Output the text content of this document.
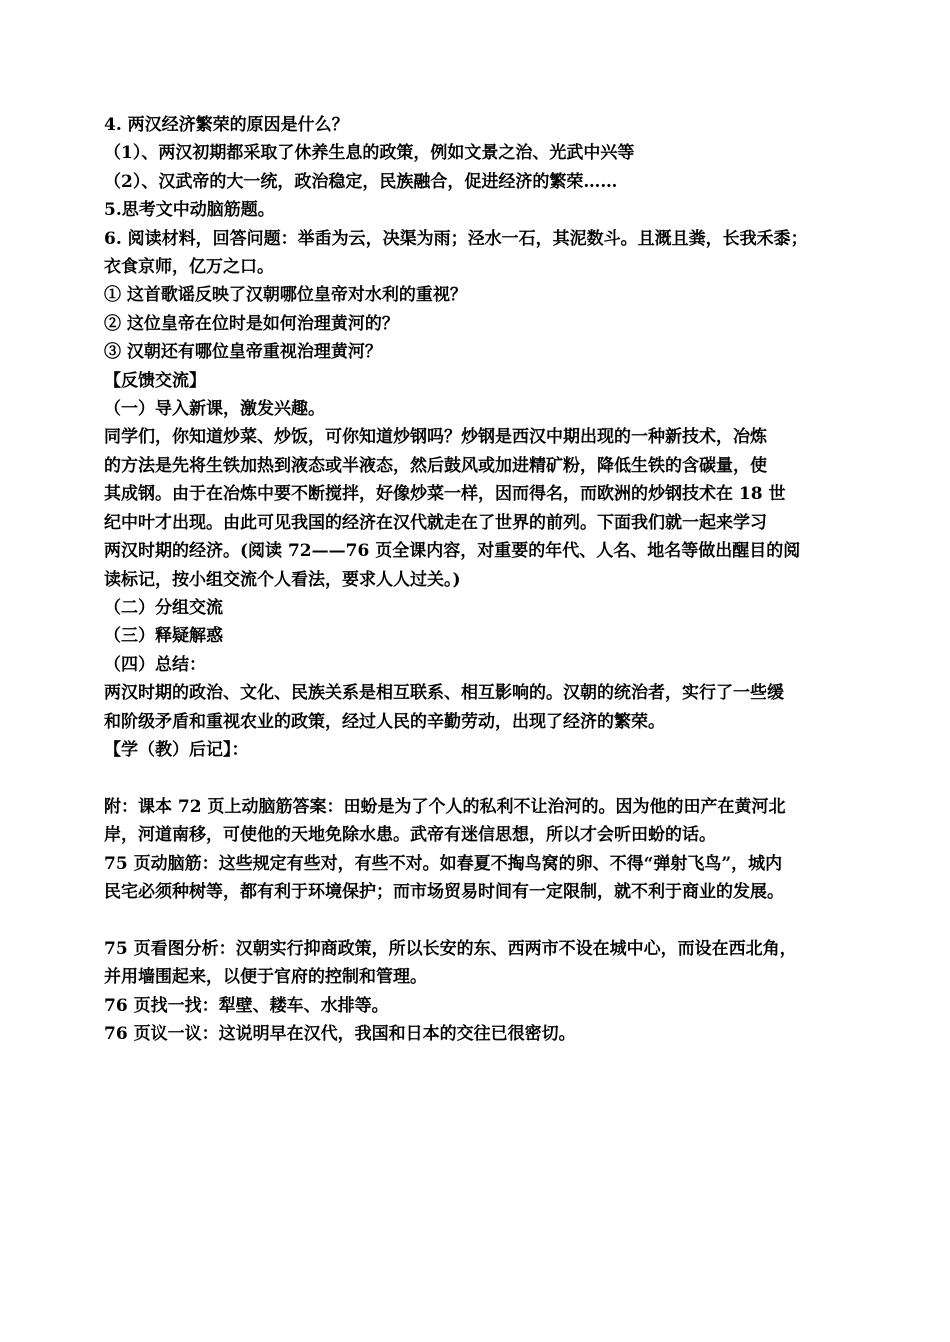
4. 两汉经济繁荣的原因是什么？
（1）、两汉初期都采取了休养生息的政策，例如文景之治、光武中兴等
（2）、汉武帝的大一统，政治稳定，民族融合，促进经济的繁荣……
5.思考文中动脑筋题。
6. 阅读材料，回答问题：举臿为云，决渠为雨；泾水一石，其泥数斗。且溉且粪，长我禾黍；
衣食京师，亿万之口。
① 这首歌谣反映了汉朝哪位皇帝对水利的重视？
② 这位皇帝在位时是如何治理黄河的？
③ 汉朝还有哪位皇帝重视治理黄河？
【反馈交流】
（一）导入新课，激发兴趣。
同学们，你知道炒菜、炒饭，可你知道炒钢吗？炒钢是西汉中期出现的一种新技术，冶炼
的方法是先将生铁加热到液态或半液态，然后鼓风或加进精矿粉，降低生铁的含碳量，使
其成钢。由于在冶炼中要不断搅拌，好像炒菜一样，因而得名，而欧洲的炒钢技术在 18 世
纪中叶才出现。由此可见我国的经济在汉代就走在了世界的前列。下面我们就一起来学习
两汉时期的经济。(阅读 72——76 页全课内容，对重要的年代、人名、地名等做出醒目的阅
读标记，按小组交流个人看法，要求人人过关。)
（二）分组交流
（三）释疑解惑
（四）总结：
两汉时期的政治、文化、民族关系是相互联系、相互影响的。汉朝的统治者，实行了一些缓
和阶级矛盾和重视农业的政策，经过人民的辛勤劳动，出现了经济的繁荣。
【学（教）后记】：
附：课本 72 页上动脑筋答案：田蚡是为了个人的私利不让治河的。因为他的田产在黄河北
岸，河道南移，可使他的天地免除水患。武帝有迷信思想，所以才会听田蚡的话。
75 页动脑筋：这些规定有些对，有些不对。如春夏不掏鸟窝的卵、不得“弹射飞鸟”，城内
民宅必须种树等，都有利于环境保护；而市场贸易时间有一定限制，就不利于商业的发展。
75 页看图分析：汉朝实行抑商政策，所以长安的东、西两市不设在城中心，而设在西北角，
并用墙围起来，以便于官府的控制和管理。
76 页找一找：犁壁、耧车、水排等。
76 页议一议：这说明早在汉代，我国和日本的交往已很密切。
